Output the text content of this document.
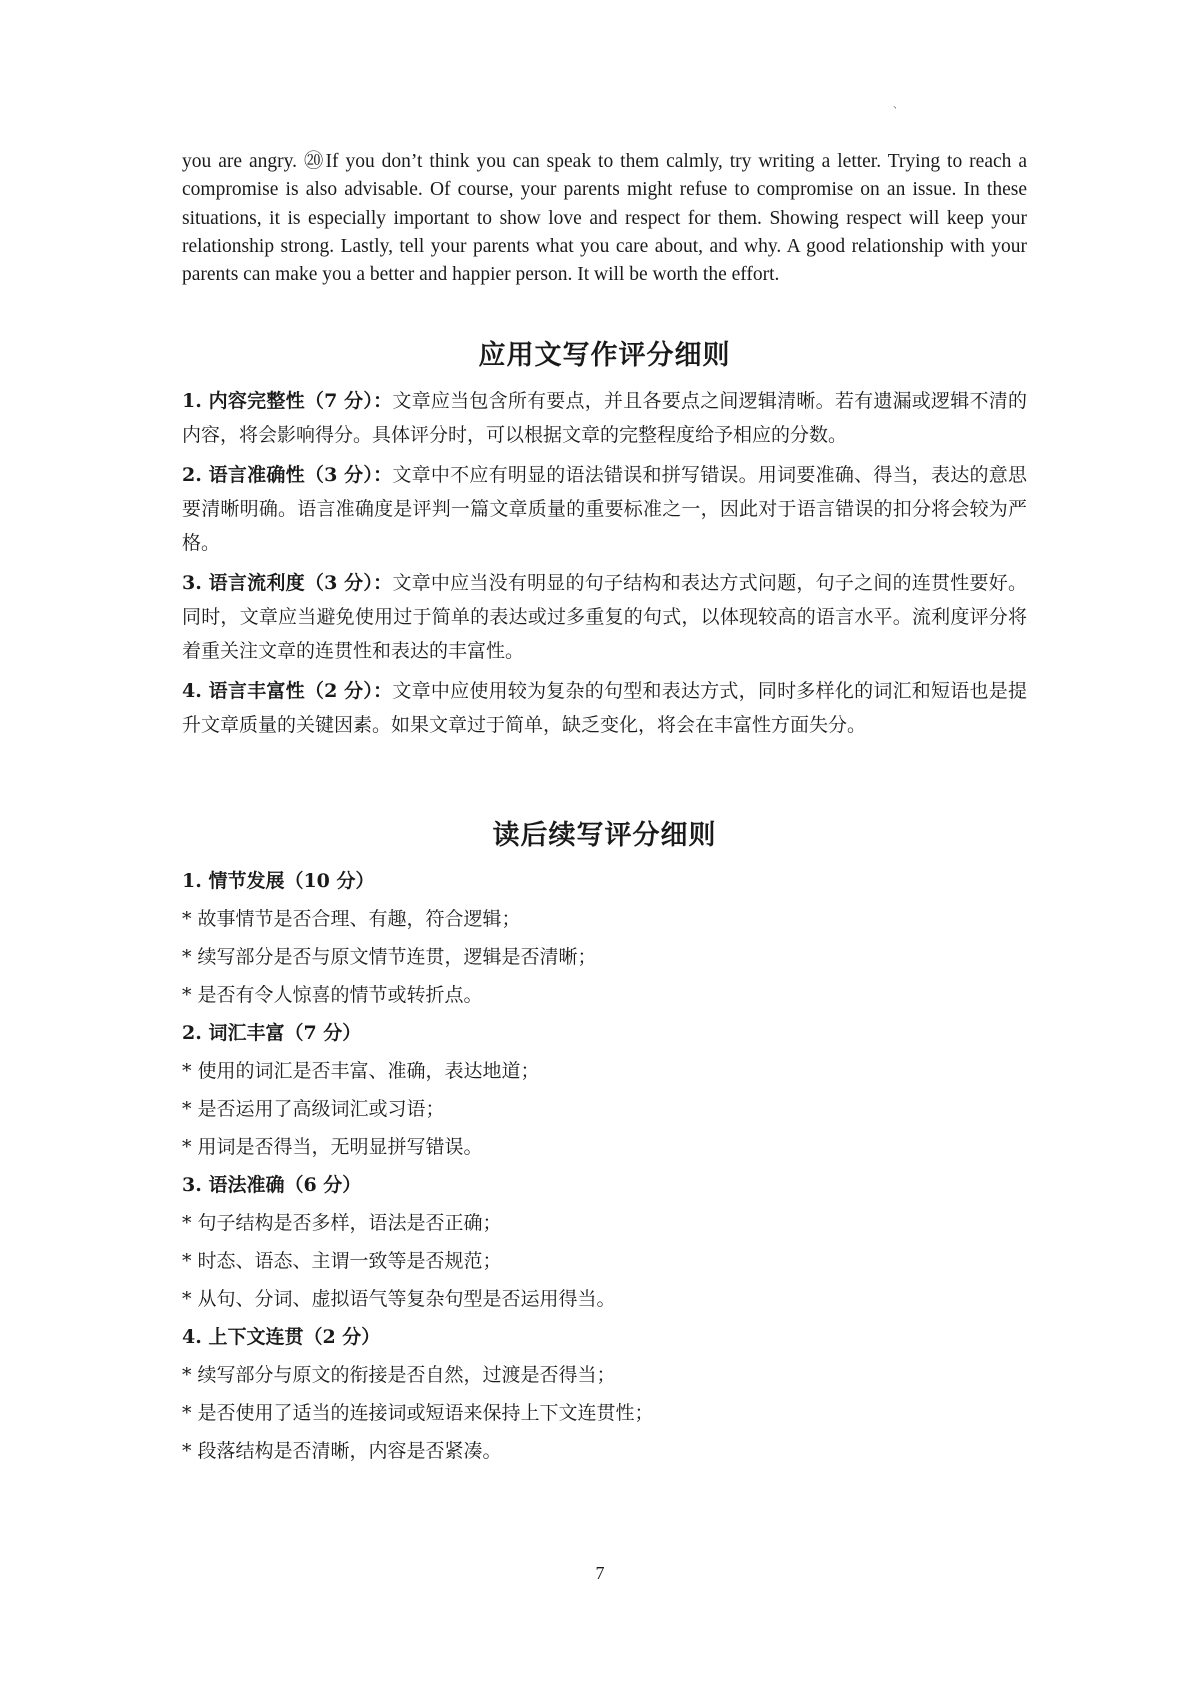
、

you are angry. ⑳If you don’t think you can speak to them calmly, try writing a letter. Trying to reach a compromise is also advisable. Of course, your parents might refuse to compromise on an issue. In these situations, it is especially important to show love and respect for them. Showing respect will keep your relationship strong. Lastly, tell your parents what you care about, and why. A good relationship with your parents can make you a better and happier person. It will be worth the effort.

应用文写作评分细则

1. 内容完整性（7 分）：文章应当包含所有要点，并且各要点之间逻辑清晰。若有遗漏或逻辑不清的内容，将会影响得分。具体评分时，可以根据文章的完整程度给予相应的分数。

2. 语言准确性（3 分）：文章中不应有明显的语法错误和拼写错误。用词要准确、得当，表达的意思要清晰明确。语言准确度是评判一篇文章质量的重要标准之一，因此对于语言错误的扣分将会较为严格。

3. 语言流利度（3 分）：文章中应当没有明显的句子结构和表达方式问题，句子之间的连贯性要好。同时，文章应当避免使用过于简单的表达或过多重复的句式，以体现较高的语言水平。流利度评分将着重关注文章的连贯性和表达的丰富性。

4. 语言丰富性（2 分）：文章中应使用较为复杂的句型和表达方式，同时多样化的词汇和短语也是提升文章质量的关键因素。如果文章过于简单，缺乏变化，将会在丰富性方面失分。

读后续写评分细则

1. 情节发展（10 分）

* 故事情节是否合理、有趣，符合逻辑；

* 续写部分是否与原文情节连贯，逻辑是否清晰；

* 是否有令人惊喜的情节或转折点。

2. 词汇丰富（7 分）

* 使用的词汇是否丰富、准确，表达地道；

* 是否运用了高级词汇或习语；

* 用词是否得当，无明显拼写错误。

3. 语法准确（6 分）

* 句子结构是否多样，语法是否正确；

* 时态、语态、主谓一致等是否规范；

* 从句、分词、虚拟语气等复杂句型是否运用得当。

4. 上下文连贯（2 分）

* 续写部分与原文的衔接是否自然，过渡是否得当；

* 是否使用了适当的连接词或短语来保持上下文连贯性；

* 段落结构是否清晰，内容是否紧凑。

7
